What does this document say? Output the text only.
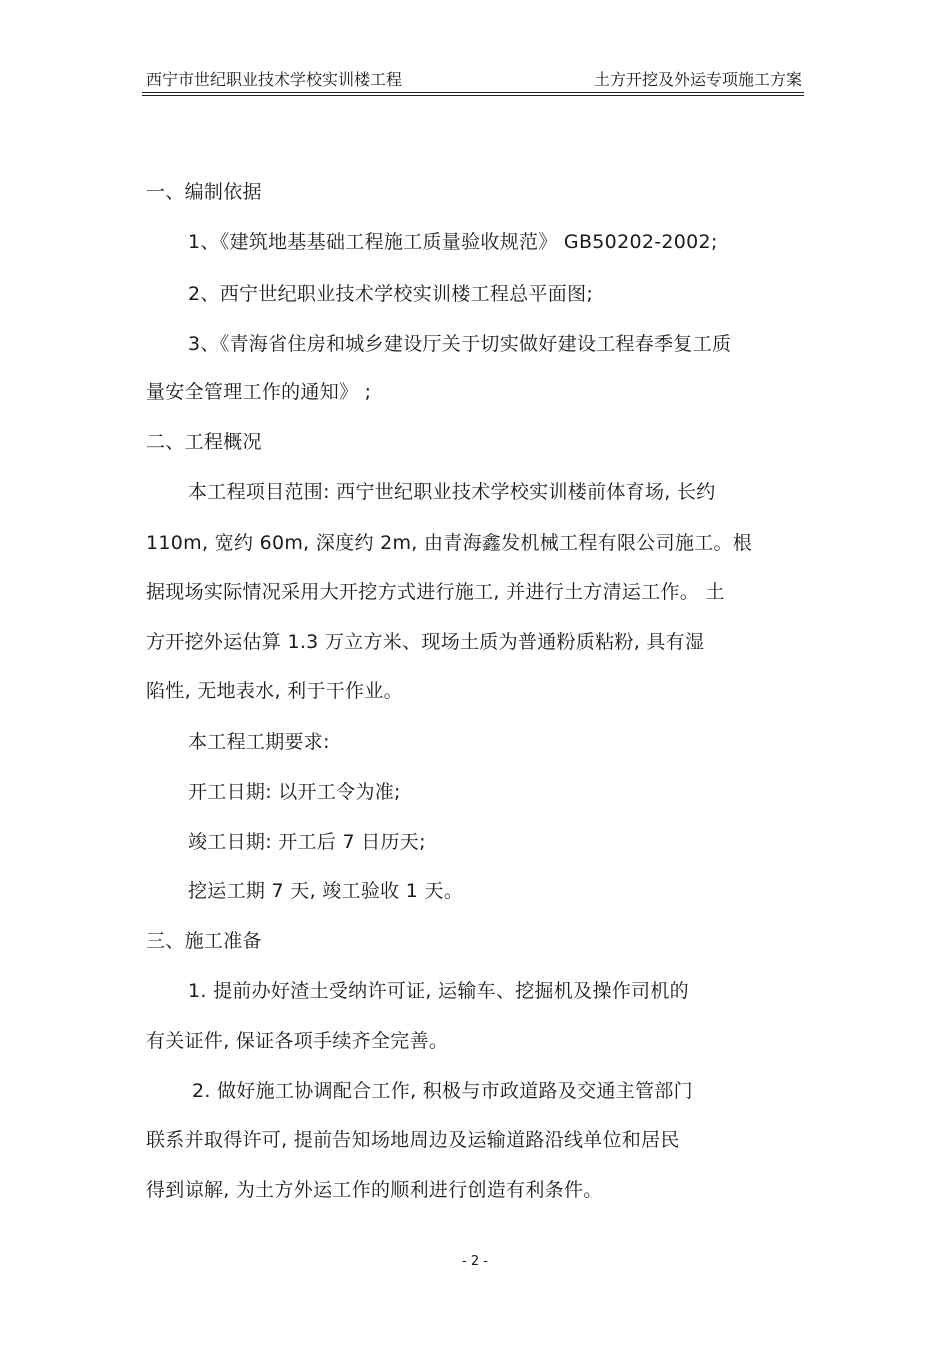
西宁市世纪职业技术学校实训楼工程	土方开挖及外运专项施工方案
一、编制依据
1、《建筑地基基础工程施工质量验收规范》 GB50202-2002;
2、西宁世纪职业技术学校实训楼工程总平面图;
3、《青海省住房和城乡建设厅关于切实做好建设工程春季复工质
量安全管理工作的通知》 ;
二、工程概况
本工程项目范围: 西宁世纪职业技术学校实训楼前体育场, 长约
110m, 宽约 60m, 深度约 2m, 由青海鑫发机械工程有限公司施工。根
据现场实际情况采用大开挖方式进行施工, 并进行土方清运工作。 土
方开挖外运估算 1.3 万立方米、现场土质为普通粉质粘粉, 具有湿
陷性, 无地表水, 利于干作业。
本工程工期要求:
开工日期: 以开工令为准;
竣工日期: 开工后 7 日历天;
挖运工期 7 天, 竣工验收 1 天。
三、施工准备
1. 提前办好渣土受纳许可证, 运输车、挖掘机及操作司机的
有关证件, 保证各项手续齐全完善。
2. 做好施工协调配合工作, 积极与市政道路及交通主管部门
联系并取得许可, 提前告知场地周边及运输道路沿线单位和居民
得到谅解, 为土方外运工作的顺利进行创造有利条件。
- 2 -
